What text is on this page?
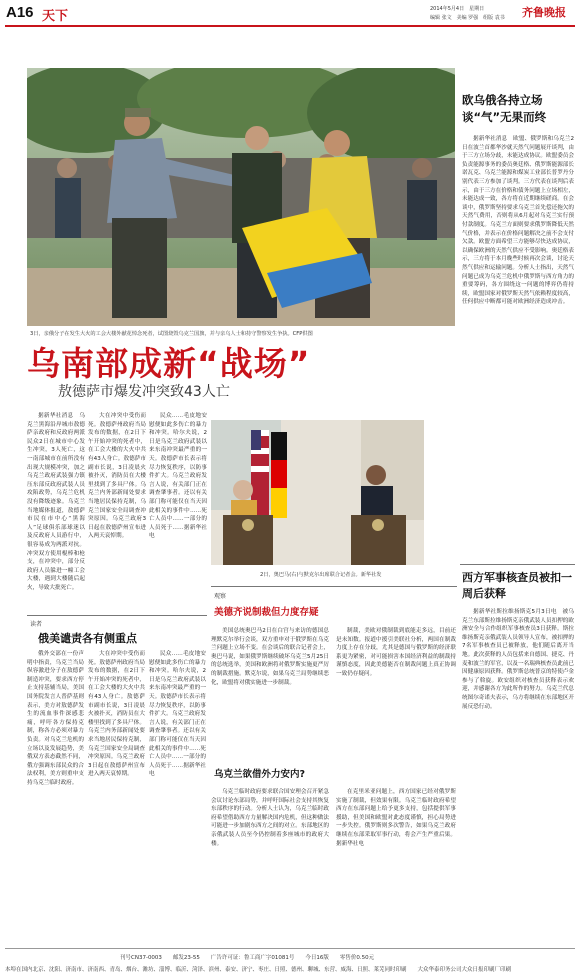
A16 天下	2014年5月4日　星期日
编辑 张文　美编 罗强　组版 袁书 齐鲁晚报
3日，亲俄分子在发生大火的工会大楼外献花悼念死者，试图烧毁乌克兰国旗，并与亲乌人士和持守警察发生争执。CFP供图
乌南部成新“战场”
敖德萨市爆发冲突致43人亡
欧乌俄各持立场谈“气”无果而终

据新华社消息　欧盟、俄罗斯和乌克兰2日在波兰首都华沙就天然气问题展开谈判，由于三方立场分歧，未能达成协议。欧盟委员会负责能源事务的委员奥廷格、俄罗斯能源部长诺瓦克、乌克兰能源和煤炭工业部长普罗丹分别代表三方参加了谈判。三方代表在谈判后表示，由于三方在价格和债务问题上立场相左，未能达成一致，各方将在近期继续磋商。在会谈中，俄罗斯坚持要求乌克兰首先偿还拖欠的天然气费用，否则将从6月起对乌克兰实行预付款制度。乌克兰方面则要求俄罗斯降低天然气价格，并表示在价格问题解决之前不会支付欠款。欧盟方面希望三方能够尽快达成协议，以确保欧洲的天然气供应不受影响。奥廷格表示，三方将于本月晚些时候再次会谈，讨论天然气供应和运输问题。分析人士指出，天然气问题已成为乌克兰危机中俄罗斯与西方角力的重要筹码，各方围绕这一问题的博弈仍将持续，欧盟国家对俄罗斯天然气依赖程度较高，任何供应中断都可能对欧洲经济造成冲击。

据新华社消息　乌克兰黑海沿岸城市敖德萨亲政府和反政府两派民众2日在城市中心发生冲突，3人死亡，这一南部城市在前所没有出现大规模冲突，加之乌克兰政府武装强力镇压东部反政府武装人员攻陷政势，乌克兰危机没有降级迹象。乌克兰当地媒体报道，敖德萨市民在市中心“黑海人”足球俱乐部球迷以及反政府人员游行中，很容易成为两派对抗。冲突双方使用棍棒和枪支，在冲突中，部分反政府人员躲进一幢工会大楼，遇到大楼随后起火，导致大批死亡。

大在冲突中受伤而死。敖德萨州政府当局发布的数据，在2日下午开始冲突的死者中，在工会大楼的大火中共有43人身亡。敖德萨市副市长说，3日凌晨火被扑灭，消防员在大楼里找到了多具尸体。乌克兰内务部新闻处要求当地居民保持克制，乌克兰国家安全局调查冲突原因。乌克兰政府3日起在敖德萨州宣布进入两天哀悼期。

民众……毛皮地安慰便如此多伤亡的暴力和冲突。哈尔夫说，2日是乌克兰政府武装以来东南冲突最严重的一天。敖德萨市长表示将尽力恢复秩序，以防事件扩大。乌克兰政府发言人说，有关部门正在调查肇事者。还以有关部门称可能仅在当天因此相关的事件中……死亡人员中……一部分的人员死于……据新华社电

2日，奥巴马(右)与默克尔出席联合记者会。新华社发
读者
俄美谴责各有侧重点

俄外交部在一份声明中指责，乌克兰当局纵容激进分子在敖德萨制造冲突，要求西方停止支持基辅当局，美国国务院发言人普萨基则表示，美方对敖德萨发生的流血事件深感悲痛，呼吁各方保持克制，称各方必须对暴力负责。对乌克兰危机的立场以及发展趋势，美俄双方表态截然不同，俄方强调东部民众的合法权利，美方则重申支持乌克兰临时政府。

大在冲突中受伤而死。敖德萨州政府当局发布的数据，在2日下午开始冲突的死者中，在工会大楼的大火中共有43人身亡。敖德萨市副市长说，3日凌晨火被扑灭，消防员在大楼里找到了多具尸体。乌克兰内务部新闻处要求当地居民保持克制，乌克兰国家安全局调查冲突原因。乌克兰政府3日起在敖德萨州宣布进入两天哀悼期。

民众……毛皮地安慰便如此多伤亡的暴力和冲突。哈尔夫说，2日是乌克兰政府武装以来东南冲突最严重的一天。敖德萨市长表示将尽力恢复秩序，以防事件扩大。乌克兰政府发言人说，有关部门正在调查肇事者。还以有关部门称可能仅在当天因此相关的事件中……死亡人员中……一部分的人员死于……据新华社电

观察
美德齐说制裁但力度存疑

美国总统奥巴马2日在白宫与来访的德国总理默克尔举行会谈，双方重申对于俄罗斯在乌克兰问题上立场不变。在会谈后的联合记者会上，奥巴马说，如果俄罗斯继续破坏乌克兰5月25日的总统选举，美国和欧洲将对俄罗斯实施更严厉的制裁措施。默克尔说，如果乌克兰局势继续恶化，欧盟将对俄实施进一步制裁。

制裁，美欧对俄制裁到底能走多远，目前还是未知数。报道中援引美联社分析，两国在制裁力度上存在分歧，尤其是德国与俄罗斯的经济联系更为紧密，对可能损害本国经济利益的制裁持谨慎态度，因此美德能否在制裁问题上真正协调一致仍存疑问。

乌克兰欲借外力安内?

乌克兰临时政府要求联合国安理会召开紧急会议讨论东部局势，并呼吁国际社会支持其恢复东部秩序的行动。分析人士认为，乌克兰临时政府希望借助西方力量解决国内危机，但这种做法可能进一步加剧东西方之间的对立。东部地区的亲俄武装人员至今仍控制着多座城市的政府大楼。

在克里米亚问题上，西方国家已经对俄罗斯实施了制裁，但效果有限。乌克兰临时政府希望西方在东部问题上给予更多支持，包括提供军事援助，但美国和欧盟对此态度谨慎，担心局势进一步失控。俄罗斯则多次警告，如果乌克兰政府继续在东部采取军事行动，将会产生严重后果。据新华社电

西方军事核查员被扣一周后获释

据新华社斯拉维扬斯克5月3日电　被乌克兰东部斯拉维扬斯克亲俄武装人员扣押的欧洲安全与合作组织军事核查员3日获释。斯拉维扬斯克亲俄武装人员领导人宣布，被扣押的7名军事核查员已被释放，他们随后离开当地。此次获释的人员包括来自德国、捷克、丹麦和波兰的军官，以及一名瑞典核查员此前已因健康原因获释。俄罗斯总统普京的特使卢金参与了斡旋。欧安组织对核查员获释表示欢迎，并感谢各方为此所作的努力。乌克兰代总统图尔奇诺夫表示，乌方将继续在东部地区开展反恐行动。

刊号CN37-0003　　邮发23-55　　广告许可证：鲁工商广字01081号　　今日16版　　零售价0.50元
本埠在国内北京、沈阳、济南市、济南西、青岛、烟台、潍坊、淄博、临沂、菏泽、滨州、泰安、济宁、枣庄、日照、德州、聊城、东营、威海、日照、莱芜同时印刷　　大众华泰印务公司大众日报印刷厂印刷
